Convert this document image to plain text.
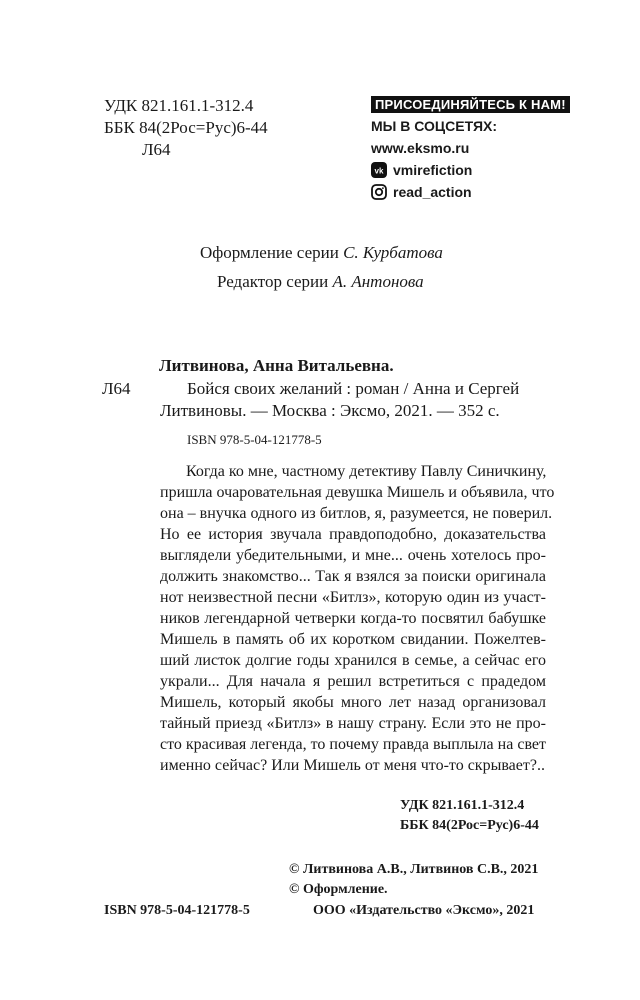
УДК 821.161.1-312.4
ББК 84(2Рос=Рус)6-44
Л64
ПРИСОЕДИНЯЙТЕСЬ К НАМ!
МЫ В СОЦСЕТЯХ:
www.eksmo.ru
vk vmirefiction
read_action
Оформление серии С. Курбатова
Редактор серии А. Антонова
Литвинова, Анна Витальевна.
Л64	Бойся своих желаний : роман / Анна и Сергей
Литвиновы. — Москва : Эксмо, 2021. — 352 с.
ISBN 978-5-04-121778-5
Когда ко мне, частному детективу Павлу Синичкину,
пришла очаровательная девушка Мишель и объявила, что
она – внучка одного из битлов, я, разумеется, не поверил.
Но ее история звучала правдоподобно, доказательства
выглядели убедительными, и мне... очень хотелось про-
должить знакомство... Так я взялся за поиски оригинала
нот неизвестной песни «Битлз», которую один из участ-
ников легендарной четверки когда-то посвятил бабушке
Мишель в память об их коротком свидании. Пожелтев-
ший листок долгие годы хранился в семье, а сейчас его
украли... Для начала я решил встретиться с прадедом
Мишель, который якобы много лет назад организовал
тайный приезд «Битлз» в нашу страну. Если это не про-
сто красивая легенда, то почему правда выплыла на свет
именно сейчас? Или Мишель от меня что-то скрывает?..
УДК 821.161.1-312.4
ББК 84(2Рос=Рус)6-44
© Литвинова А.В., Литвинов С.В., 2021
© Оформление.
ООО «Издательство «Эксмо», 2021
ISBN 978-5-04-121778-5
